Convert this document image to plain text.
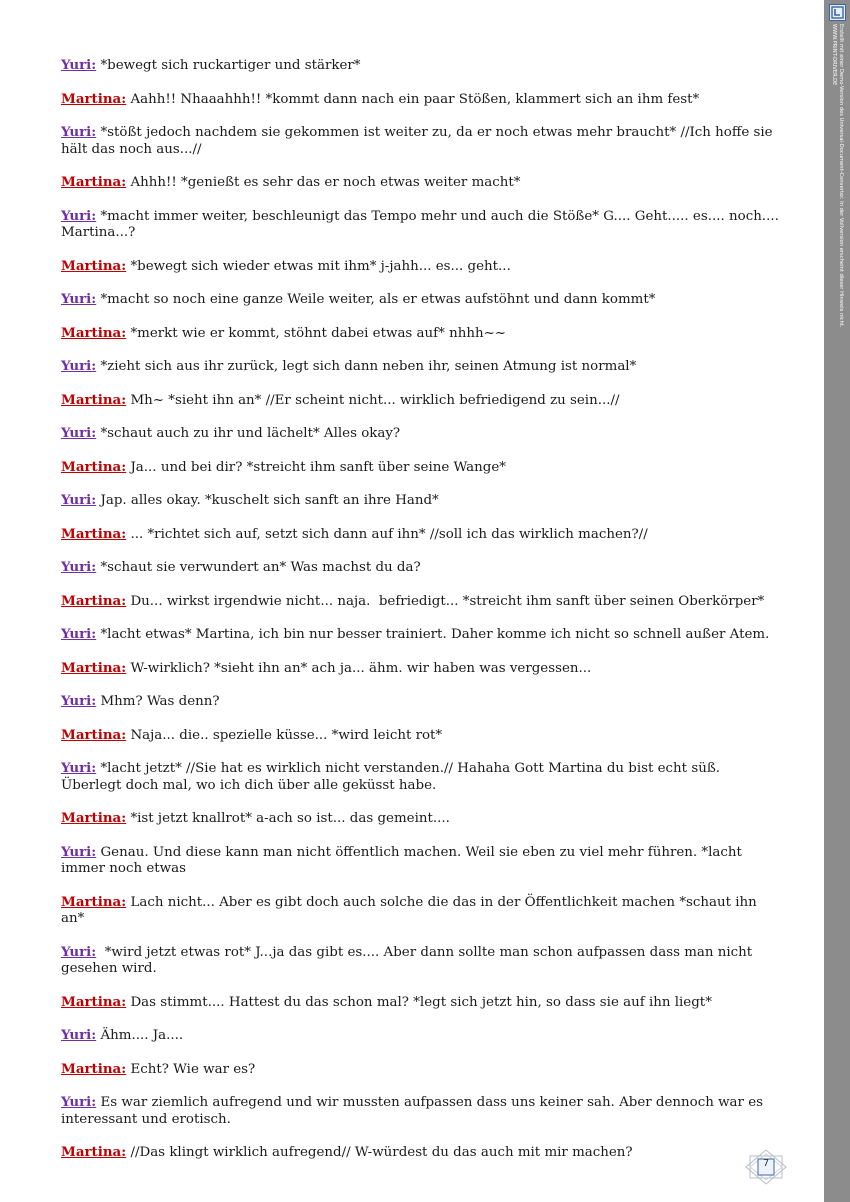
Yuri: *bewegt sich ruckartiger und stärker*

Martina: Aahh!! Nhaaahhh!! *kommt dann nach ein paar Stößen, klammert sich an ihm fest*

Yuri: *stößt jedoch nachdem sie gekommen ist weiter zu, da er noch etwas mehr braucht* //Ich hoffe sie hält das noch aus...//

Martina: Ahhh!! *genießt es sehr das er noch etwas weiter macht*

Yuri: *macht immer weiter, beschleunigt das Tempo mehr und auch die Stöße* G.... Geht..... es.... noch.... Martina...?

Martina: *bewegt sich wieder etwas mit ihm* j-jahh... es... geht...

Yuri: *macht so noch eine ganze Weile weiter, als er etwas aufstöhnt und dann kommt*

Martina: *merkt wie er kommt, stöhnt dabei etwas auf* nhhh~~

Yuri: *zieht sich aus ihr zurück, legt sich dann neben ihr, seinen Atmung ist normal*

Martina: Mh~ *sieht ihn an* //Er scheint nicht... wirklich befriedigend zu sein...//

Yuri: *schaut auch zu ihr und lächelt* Alles okay?

Martina: Ja... und bei dir? *streicht ihm sanft über seine Wange*

Yuri: Jap. alles okay. *kuschelt sich sanft an ihre Hand*

Martina: ... *richtet sich auf, setzt sich dann auf ihn* //soll ich das wirklich machen?//

Yuri: *schaut sie verwundert an* Was machst du da?

Martina: Du... wirkst irgendwie nicht... naja.  befriedigt... *streicht ihm sanft über seinen Oberkörper*

Yuri: *lacht etwas* Martina, ich bin nur besser trainiert. Daher komme ich nicht so schnell außer Atem.

Martina: W-wirklich? *sieht ihn an* ach ja... ähm. wir haben was vergessen...

Yuri: Mhm? Was denn?

Martina: Naja... die.. spezielle küsse... *wird leicht rot*

Yuri: *lacht jetzt* //Sie hat es wirklich nicht verstanden.// Hahaha Gott Martina du bist echt süß. Überlegt doch mal, wo ich dich über alle geküsst habe.

Martina: *ist jetzt knallrot* a-ach so ist... das gemeint....

Yuri: Genau. Und diese kann man nicht öffentlich machen. Weil sie eben zu viel mehr führen. *lacht immer noch etwas

Martina: Lach nicht... Aber es gibt doch auch solche die das in der Öffentlichkeit machen *schaut ihn an*

Yuri:  *wird jetzt etwas rot* J...ja das gibt es.... Aber dann sollte man schon aufpassen dass man nicht gesehen wird.

Martina: Das stimmt.... Hattest du das schon mal? *legt sich jetzt hin, so dass sie auf ihn liegt*

Yuri: Ähm.... Ja....

Martina: Echt? Wie war es?

Yuri: Es war ziemlich aufregend und wir mussten aufpassen dass uns keiner sah. Aber dennoch war es interessant und erotisch.

Martina: //Das klingt wirklich aufregend// W-würdest du das auch mit mir machen?

Erstellt mit einer Demo-Version des Universal-Document-Converter. In der Vollversion erscheint dieser Hinweis nicht.
WWW.PRINT-DRIVER.DE
7
